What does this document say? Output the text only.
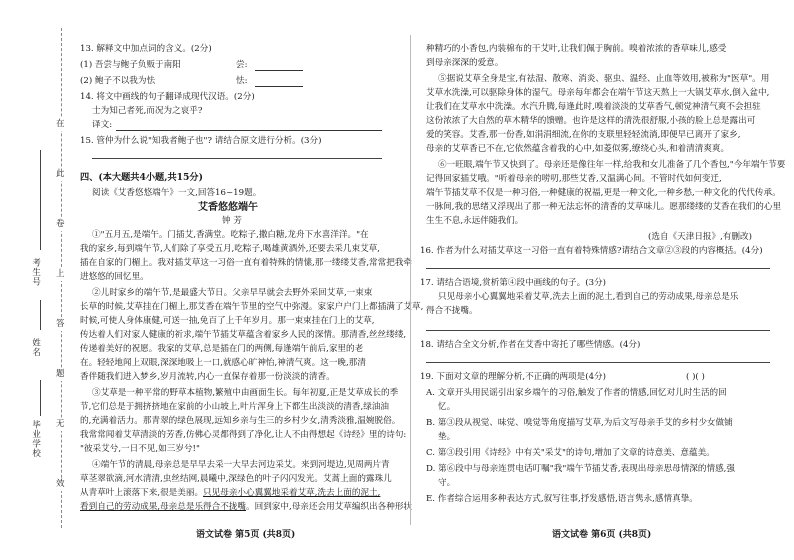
在
此
卷
上
答
题
无
效
考生号
姓名
毕业学校
13. 解释文中加点词的含义。(2分)
(1) 吾尝与鲍子负贩于南阳	尝:
(2) 鲍子不以我为怯	怯:
14. 将文中画线的句子翻译成现代汉语。(2分)
士为知己者死,而况为之哀乎?
译文:
15. 管仲为什么说"知我者鲍子也"? 请结合原文进行分析。(3分)
四、(本大题共4小题,共15分)
阅读《艾香悠悠端午》一文,回答16~19题。
艾香悠悠端午
钟 芳
①"五月五,是端午。门插艾,香满堂。吃粽子,撒白糖,龙舟下水喜洋洋。"在
我的家乡,每到端午节,人们除了享受五月,吃粽子,喝雄黄酒外,还要去采几束艾草,
插在自家的门楣上。我对插艾草这一习俗一直有着特殊的情愫,那一缕缕艾香,常常把我牵
进悠悠的回忆里。
②儿时家乡的端午节,是最盛大节日。父亲早早就会去野外采回艾草,一束束
长草的时候,艾草挂在门楣上,那艾香在端午节里的空气中弥漫。家家户户门上都插满了艾草,
时候,可使人身体康健,可送一抽,免百了上千年岁月。那一束束挂在门上的艾草,
传达着人们对家人健康的祈求,端午节插艾草蕴含着家乡人民的深情。那清香,丝丝缕缕,
传递着美好的祝愿。我家的艾草,总是插在门的两侧,每逢端午前后,家里的老
在。轻轻地闻上双眼,深深地吸上一口,就感心旷神怡,神清气爽。这一晚,那清
香伴随我们进入梦乡,岁月流转,内心一直保存着那一份淡淡的清香。
③艾草是一种平常的野草本植物,繁殖中由画面生长。每年初夏,正是艾草成长的季
节,它们总是于拥挤挤地在家前的小山坡上,叶片浑身上下都生出淡淡的清香,绿油油
的,充满着活力。那青翠的绿色展现,远知乡亲与生三的乡村少女,清秀淡雅,温婉脱俗。
我常常闻着艾草清淡的芳香,仿佛心灵都得到了净化,让人不由得想起《诗经》里的诗句:
"彼采艾兮,一日不见,如三岁兮!"
④端午节的清晨,母亲总是早早去采一大早去河边采艾。来到河堤边,见周两片青
草茎翠欲滴,河水清清,虫丝结网,晨曦中,深绿色的叶子闪闪发光。艾蒿上面的露珠儿
从青草叶上滚落下来,很是美丽。只见母亲小心翼翼地采着艾草,洗去上面的泥土,
看到自己的劳动成果,母亲总是乐得合不拢嘴。回到家中,母亲还会用艾草编织出各种形状
语文试卷 第5页 (共8页)
种精巧的小香包,内装棉布的干艾叶,让我们佩于胸前。嗅着浓浓的香草味儿,感受
到母亲深深的爱意。
⑤据说艾草全身是宝,有祛湿、散寒、消炎、驱虫、温经、止血等效用,被称为"医草"。用
艾草水洗澡,可以驱除身体的湿气。母亲每年都会在端午节这天熬上一大锅艾草水,倒入盆中,
让我们在艾草水中洗澡。水汽升腾,每逢此时,嗅着淡淡的艾草香气,顿觉神清气爽不会担驻
这份浓浓了大自然的草木精华的馈赠。也许是这样的清洗很舒服,小孩的脸上总是露出可
爱的笑容。艾香,那一份香,如涓涓细流,在你的支联里轻轻流淌,即便早已离开了家乡,
母亲的艾草香已不在,它依然蕴含着我的心中,如菱似雾,缭绕心头,和着清清爽爽。
⑥一旺眼,端午节又快到了。母亲还是像往年一样,给我和女儿准备了几个香包,"今年端午节要
记得回家插艾哦。"听着母亲的唠叨,那些艾香,又温满心间。不管时代如何变迁,
端午节插艾草不仅是一种习俗,一种健康的祝福,更是一种文化,一种乡愁,一种文化的代代传承。
一脉间,我的思绪又浮现出了那一种无法忘怀的清香的艾草味儿。愿那缕缕的艾香在我们的心里
生生不息,永远伴随我们。
(选自《天津日报》,有删改)
16. 作者为什么对插艾草这一习俗一直有着特殊情感?请结合文章②③段的内容概括。(4分)
17. 请结合语境,赏析第④段中画线的句子。(3分)
只见母亲小心翼翼地采着艾草,洗去上面的泥土,看到自己的劳动成果,母亲总是乐
得合不拢嘴。
18. 请结合全文分析,作者在艾香中寄托了哪些情感。(4分)
19. 下面对文章的理解分析,不正确的两项是(4分)	( )( )
A. 文章开头用民谣引出家乡端午的习俗,触发了作者的情感,回忆对儿时生活的回
忆。
B. 第③段从视觉、味觉、嗅觉等角度描写艾草,为后文写母亲手艾的乡村少女做铺
垫。
C. 第③段引用《诗经》中有关"采艾"的诗句,增加了文章的诗意美、意蕴美。
D. 第⑥段中与母亲连贯电话叮嘱"我"端午节插艾香,表现出母亲思母情深的情感,强
守。
E. 作者综合运用多种表达方式,叙写往事,抒发感悟,语言隽永,感情真挚。
语文试卷 第6页 (共8页)
